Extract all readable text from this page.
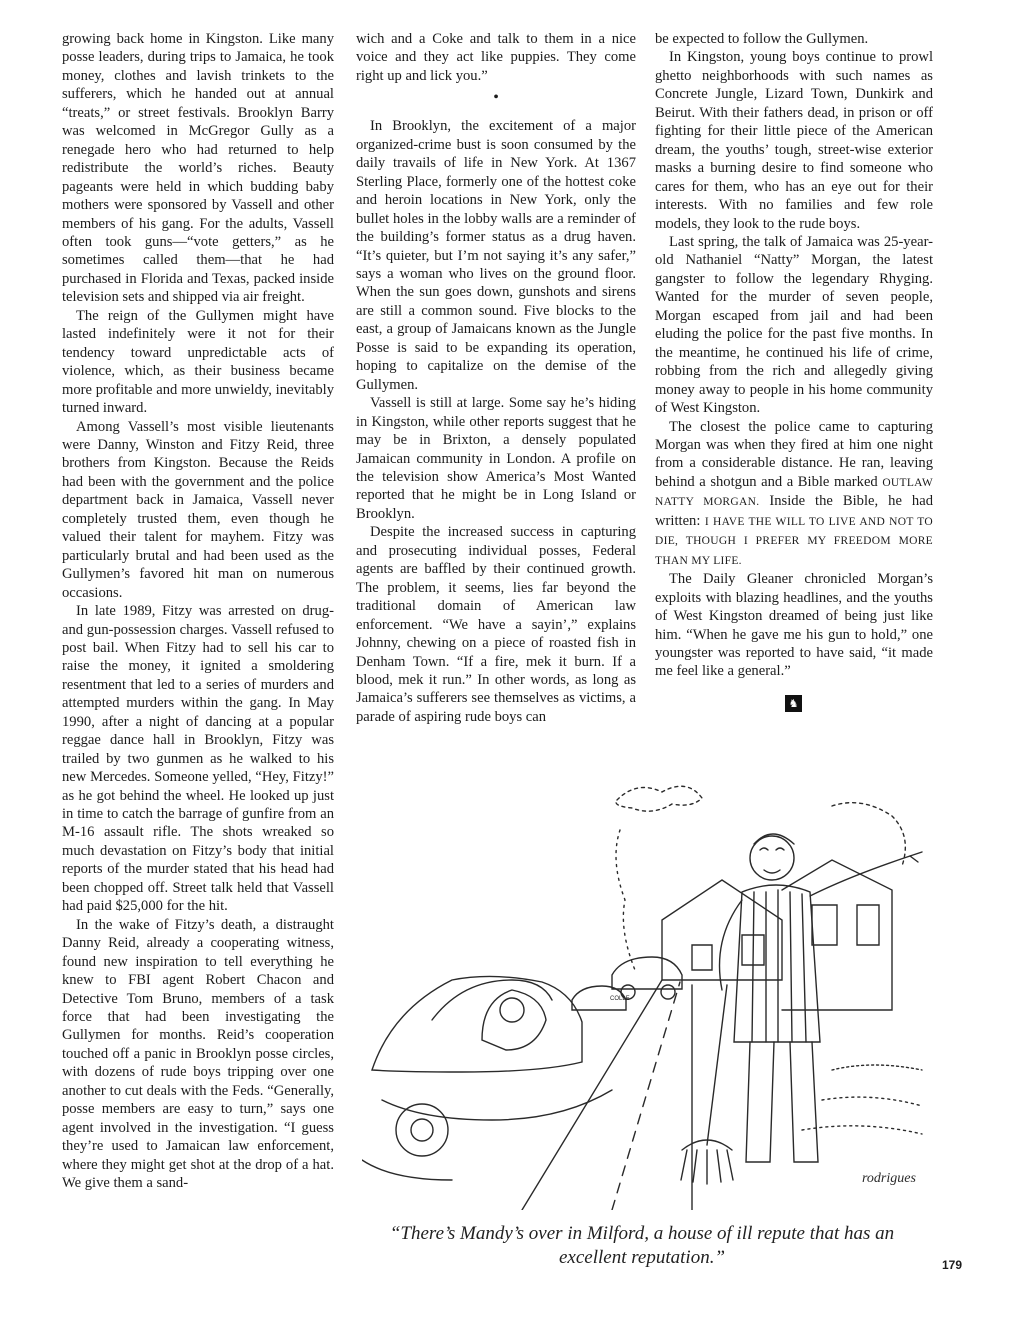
growing back home in Kingston. Like many posse leaders, during trips to Jamaica, he took money, clothes and lavish trinkets to the sufferers, which he handed out at annual “treats,” or street festivals. Brooklyn Barry was welcomed in McGregor Gully as a renegade hero who had returned to help redistribute the world’s riches. Beauty pageants were held in which budding baby mothers were sponsored by Vassell and other members of his gang. For the adults, Vassell often took guns—“vote getters,” as he sometimes called them—that he had purchased in Florida and Texas, packed inside television sets and shipped via air freight.

The reign of the Gullymen might have lasted indefinitely were it not for their tendency toward unpredictable acts of violence, which, as their business became more profitable and more unwieldy, inevitably turned inward.

Among Vassell’s most visible lieutenants were Danny, Winston and Fitzy Reid, three brothers from Kingston. Because the Reids had been with the government and the police department back in Jamaica, Vassell never completely trusted them, even though he valued their talent for mayhem. Fitzy was particularly brutal and had been used as the Gullymen’s favored hit man on numerous occasions.

In late 1989, Fitzy was arrested on drug- and gun-possession charges. Vassell refused to post bail. When Fitzy had to sell his car to raise the money, it ignited a smoldering resentment that led to a series of murders and attempted murders within the gang. In May 1990, after a night of dancing at a popular reggae dance hall in Brooklyn, Fitzy was trailed by two gunmen as he walked to his new Mercedes. Someone yelled, “Hey, Fitzy!” as he got behind the wheel. He looked up just in time to catch the barrage of gunfire from an M-16 assault rifle. The shots wreaked so much devastation on Fitzy’s body that initial reports of the murder stated that his head had been chopped off. Street talk held that Vassell had paid $25,000 for the hit.

In the wake of Fitzy’s death, a distraught Danny Reid, already a cooperating witness, found new inspiration to tell everything he knew to FBI agent Robert Chacon and Detective Tom Bruno, members of a task force that had been investigating the Gullymen for months. Reid’s cooperation touched off a panic in Brooklyn posse circles, with dozens of rude boys tripping over one another to cut deals with the Feds. “Generally, posse members are easy to turn,” says one agent involved in the investigation. “I guess they’re used to Jamaican law enforcement, where they might get shot at the drop of a hat. We give them a sand-

wich and a Coke and talk to them in a nice voice and they act like puppies. They come right up and lick you.”

•

In Brooklyn, the excitement of a major organized-crime bust is soon consumed by the daily travails of life in New York. At 1367 Sterling Place, formerly one of the hottest coke and heroin locations in New York, only the bullet holes in the lobby walls are a reminder of the building’s former status as a drug haven. “It’s quieter, but I’m not saying it’s any safer,” says a woman who lives on the ground floor. When the sun goes down, gunshots and sirens are still a common sound. Five blocks to the east, a group of Jamaicans known as the Jungle Posse is said to be expanding its operation, hoping to capitalize on the demise of the Gullymen.

Vassell is still at large. Some say he’s hiding in Kingston, while other reports suggest that he may be in Brixton, a densely populated Jamaican community in London. A profile on the television show America’s Most Wanted reported that he might be in Long Island or Brooklyn.

Despite the increased success in capturing and prosecuting individual posses, Federal agents are baffled by their continued growth. The problem, it seems, lies far beyond the traditional domain of American law enforcement. “We have a sayin’,” explains Johnny, chewing on a piece of roasted fish in Denham Town. “If a fire, mek it burn. If a blood, mek it run.” In other words, as long as Jamaica’s sufferers see themselves as victims, a parade of aspiring rude boys can

be expected to follow the Gullymen.

In Kingston, young boys continue to prowl ghetto neighborhoods with such names as Concrete Jungle, Lizard Town, Dunkirk and Beirut. With their fathers dead, in prison or off fighting for their little piece of the American dream, the youths’ tough, street-wise exterior masks a burning desire to find someone who cares for them, who has an eye out for their interests. With no families and few role models, they look to the rude boys.

Last spring, the talk of Jamaica was 25-year-old Nathaniel “Natty” Morgan, the latest gangster to follow the legendary Rhyging. Wanted for the murder of seven people, Morgan escaped from jail and had been eluding the police for the past five months. In the meantime, he continued his life of crime, robbing from the rich and allegedly giving money away to people in his home community of West Kingston.

The closest the police came to capturing Morgan was when they fired at him one night from a considerable distance. He ran, leaving behind a shotgun and a Bible marked OUTLAW NATTY MORGAN. Inside the Bible, he had written: I HAVE THE WILL TO LIVE AND NOT TO DIE, THOUGH I PREFER MY FREEDOM MORE THAN MY LIFE.

The Daily Gleaner chronicled Morgan’s exploits with blazing headlines, and the youths of West Kingston dreamed of being just like him. “When he gave me his gun to hold,” one youngster was reported to have said, “it made me feel like a general.”

♞
rodrigues
COLLE
“There’s Mandy’s over in Milford, a house of ill repute that has an excellent reputation.”	179
